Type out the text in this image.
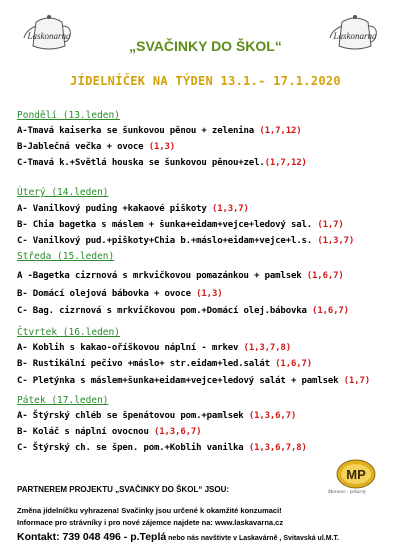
Laskonarna	Laskonarna
„SVAČINKY DO ŠKOL“
JÍDELNÍČEK NA TÝDEN 13.1.- 17.1.2020
Pondělí (13.leden)
A-Tmavá kaiserka se šunkovou pěnou + zelenina (1,7,12)
B-Jablečná večka + ovoce (1,3)
C-Tmavá k.+Světlá houska se šunkovou pěnou+zel.(1,7,12)
Úterý (14.leden)
A- Vanilkový puding +kakaové piškoty (1,3,7)
B- Chia bagetka s máslem + šunka+eidam+vejce+ledový sal. (1,7)
C- Vanilkový pud.+piškoty+Chia b.+máslo+eidam+vejce+l.s. (1,3,7)
Středa (15.leden)
A -Bagetka cizrnová s mrkvičkovou pomazánkou + pamlsek (1,6,7)
B- Domácí olejová bábovka + ovoce (1,3)
C- Bag. cizrnová s mrkvičkovou pom.+Domácí olej.bábovka (1,6,7)
Čtvrtek (16.leden)
A- Koblih s kakao-oříškovou náplní - mrkev (1,3,7,8)
B- Rustikální pečivo +máslo+ str.eidam+led.salát (1,6,7)
C- Pletýnka s máslem+šunka+eidam+vejce+ledový salát + pamlsek (1,7)
Pátek (17.leden)
A- Štýrský chléb se špenátovou pom.+pamlsek (1,3,6,7)
B- Koláč s náplní ovocnou (1,3,6,7)
C- Štýrský ch. se špen. pom.+Koblih vanilka (1,3,6,7,8)
MP
Moravec - pekárny
PARTNEREM PROJEKTU „SVAČINKY DO ŠKOL“ JSOU:
Změna jídelníčku vyhrazena! Svačinky jsou určené k okamžité konzumaci!
Informace pro strávníky i pro nové zájemce najdete na: www.laskavarna.cz
Kontakt: 739 048 496 - p.Teplá nebo nás navštivte v Laskavárně , Svitavská ul.M.T.
